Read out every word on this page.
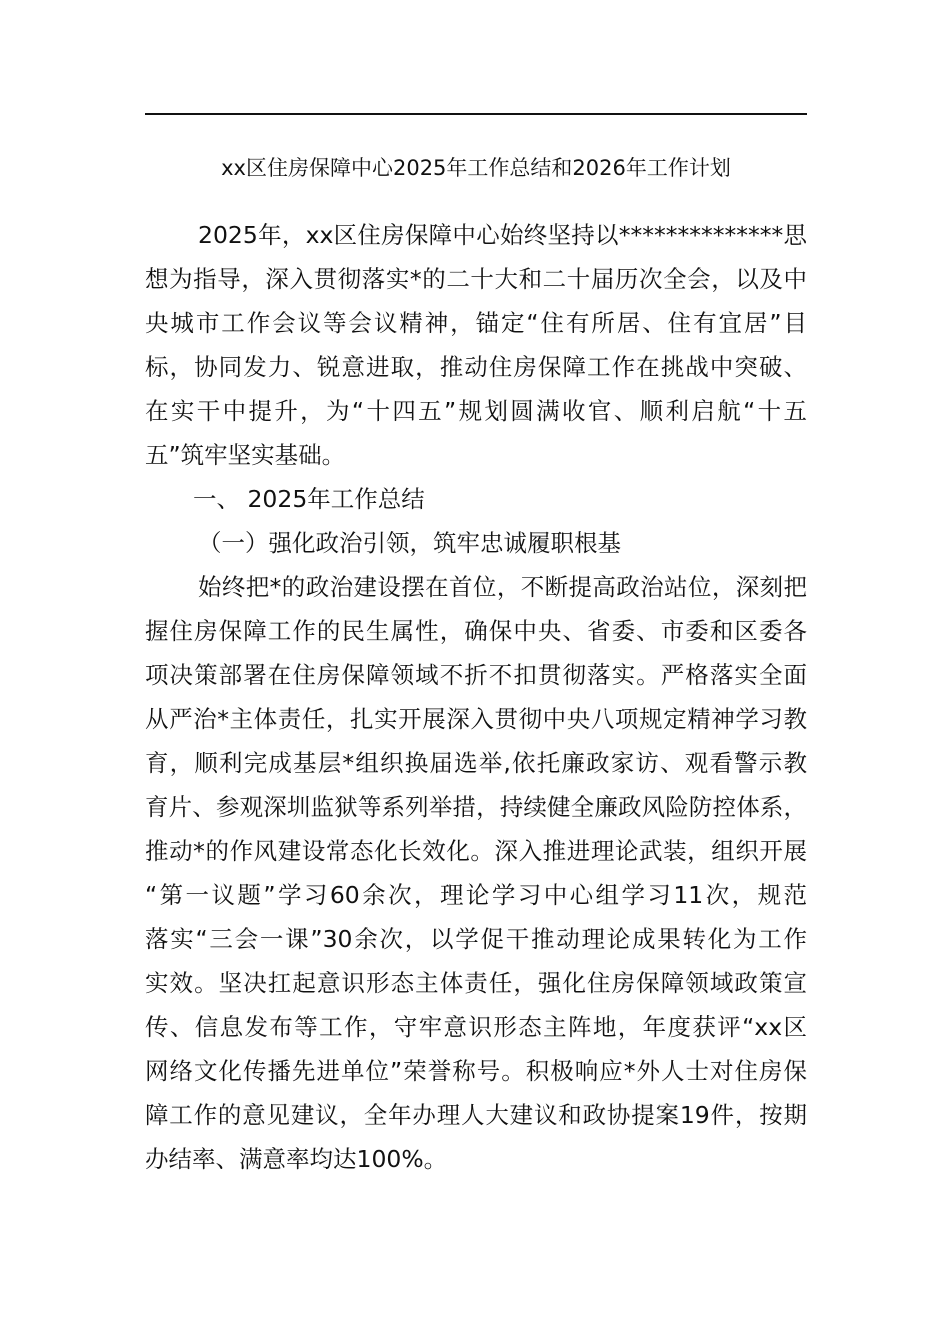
xx区住房保障中心2025年工作总结和2026年工作计划

2025年，xx区住房保障中心始终坚持以**************思

想为指导，深入贯彻落实*的二十大和二十届历次全会，以及中

央城市工作会议等会议精神，锚定“住有所居、住有宜居”目

标，协同发力、锐意进取，推动住房保障工作在挑战中突破、

在实干中提升，为“十四五”规划圆满收官、顺利启航“十五

五”筑牢坚实基础。

一、 2025年工作总结

（一）强化政治引领，筑牢忠诚履职根基

始终把*的政治建设摆在首位，不断提高政治站位，深刻把

握住房保障工作的民生属性，确保中央、省委、市委和区委各

项决策部署在住房保障领域不折不扣贯彻落实。严格落实全面

从严治*主体责任，扎实开展深入贯彻中央八项规定精神学习教

育，顺利完成基层*组织换届选举,依托廉政家访、观看警示教

育片、参观深圳监狱等系列举措，持续健全廉政风险防控体系，

推动*的作风建设常态化长效化。深入推进理论武装，组织开展

“第一议题”学习60余次，理论学习中心组学习11次，规范

落实“三会一课”30余次，以学促干推动理论成果转化为工作

实效。坚决扛起意识形态主体责任，强化住房保障领域政策宣

传、信息发布等工作，守牢意识形态主阵地，年度获评“xx区

网络文化传播先进单位”荣誉称号。积极响应*外人士对住房保

障工作的意见建议，全年办理人大建议和政协提案19件，按期

办结率、满意率均达100%。
